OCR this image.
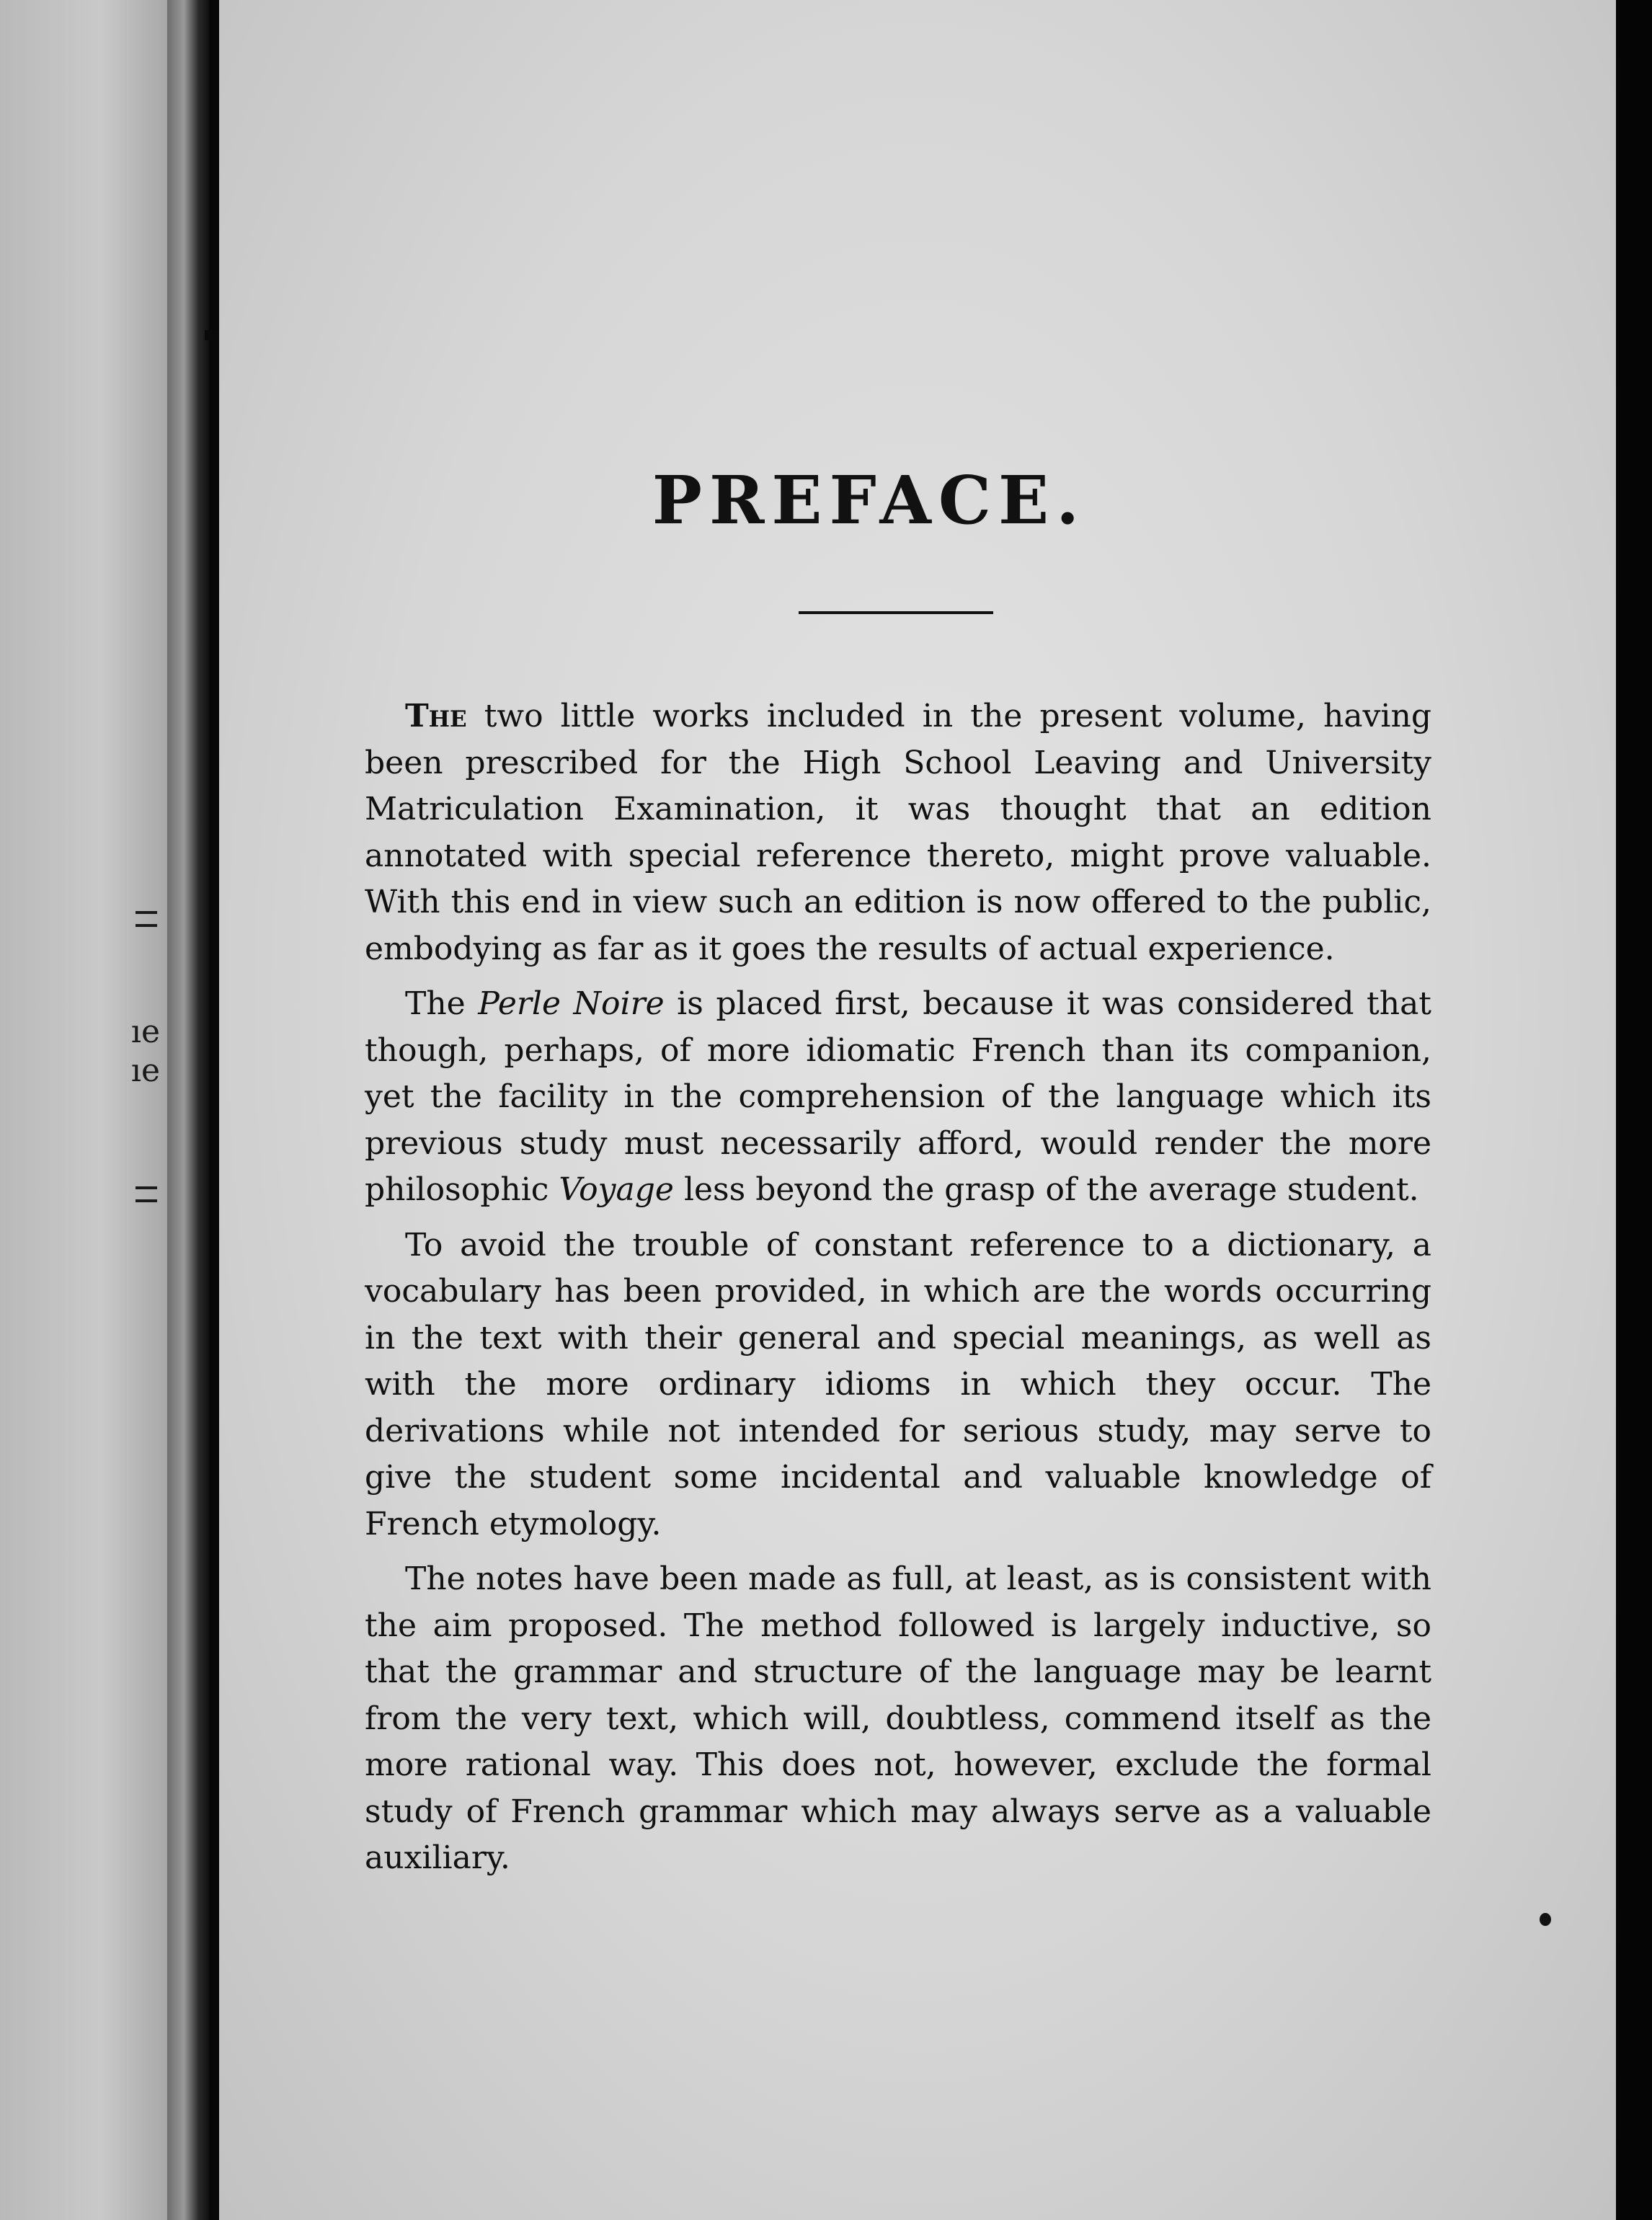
ıe
ıe
PREFACE.

The two little works included in the present volume, having been prescribed for the High School Leaving and University Matriculation Examination, it was thought that an edition annotated with special reference thereto, might prove valuable. With this end in view such an edition is now offered to the public, embodying as far as it goes the results of actual experience.

The Perle Noire is placed first, because it was considered that though, perhaps, of more idiomatic French than its companion, yet the facility in the comprehension of the language which its previous study must necessarily afford, would render the more philosophic Voyage less beyond the grasp of the average student.

To avoid the trouble of constant reference to a dictionary, a vocabulary has been provided, in which are the words occurring in the text with their general and special meanings, as well as with the more ordinary idioms in which they occur. The derivations while not intended for serious study, may serve to give the student some incidental and valuable knowledge of French etymology.

The notes have been made as full, at least, as is consistent with the aim proposed. The method followed is largely inductive, so that the grammar and structure of the language may be learnt from the very text, which will, doubtless, commend itself as the more rational way. This does not, however, exclude the formal study of French grammar which may always serve as a valuable auxiliary.
